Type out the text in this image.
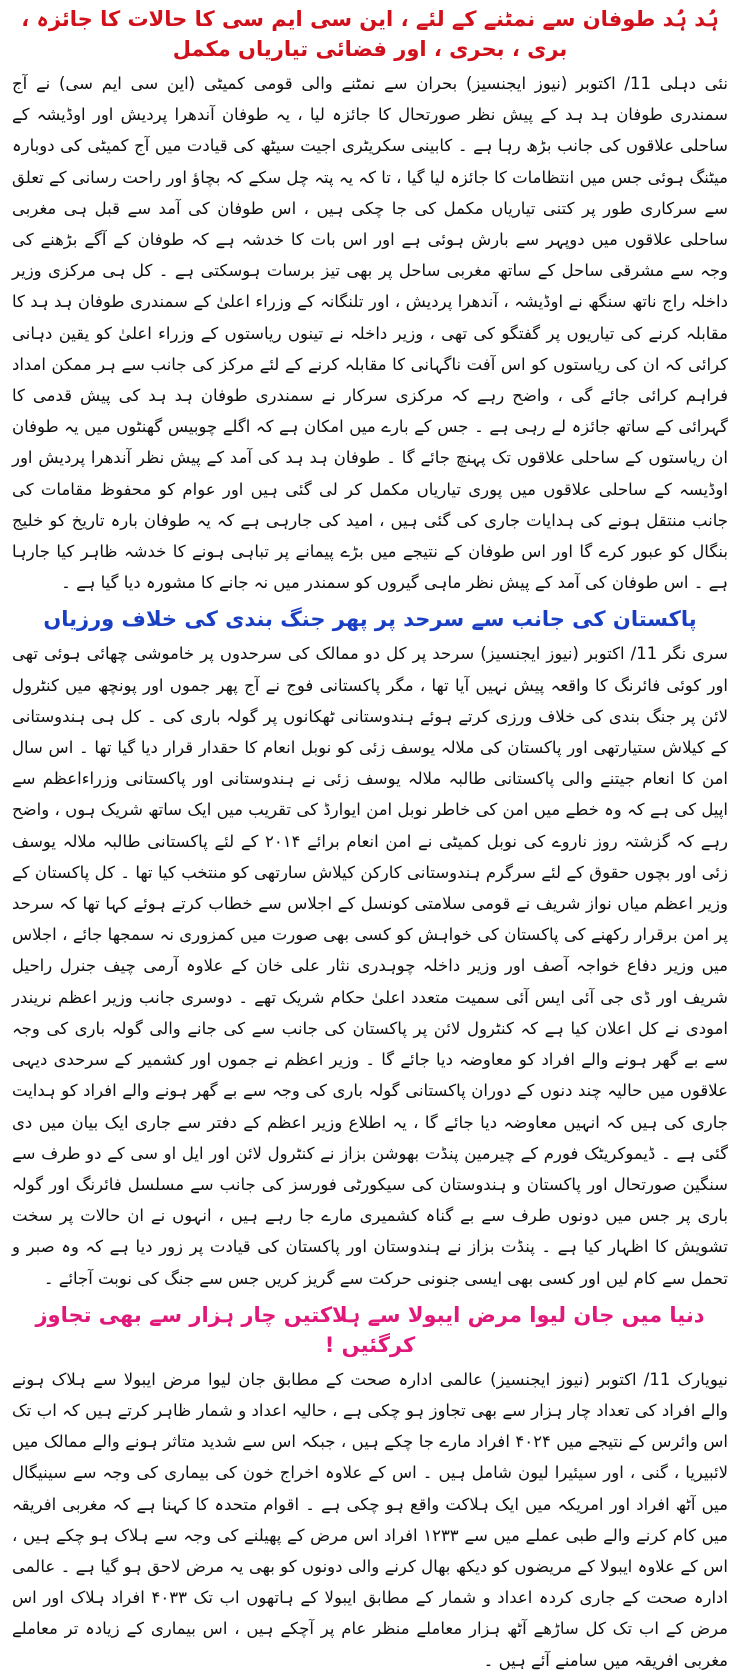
ہُد ہُد طوفان سے نمٹنے کے لئے ، این سی ایم سی کا حالات کا جائزہ ، بری ، بحری ، اور فضائی تیاریاں مکمل

نئی دہلی 11/ اکتوبر (نیوز ایجنسیز) بحران سے نمٹنے والی قومی کمیٹی (این سی ایم سی) نے آج سمندری طوفان ہد ہد کے پیش نظر صورتحال کا جائزہ لیا ، یہ طوفان آندھرا پردیش اور اوڈیشہ کے ساحلی علاقوں کی جانب بڑھ رہا ہے ۔ کابینی سکریٹری اجیت سیٹھ کی قیادت میں آج کمیٹی کی دوبارہ میٹنگ ہوئی جس میں انتظامات کا جائزہ لیا گیا ، تا کہ یہ پتہ چل سکے کہ بچاؤ اور راحت رسانی کے تعلق سے سرکاری طور پر کتنی تیاریاں مکمل کی جا چکی ہیں ، اس طوفان کی آمد سے قبل ہی مغربی ساحلی علاقوں میں دوپہر سے بارش ہوئی ہے اور اس بات کا خدشہ ہے کہ طوفان کے آگے بڑھنے کی وجہ سے مشرقی ساحل کے ساتھ مغربی ساحل پر بھی تیز برسات ہوسکتی ہے ۔ کل ہی مرکزی وزیر داخلہ راج ناتھ سنگھ نے اوڈیشہ ، آندھرا پردیش ، اور تلنگانہ کے وزراء اعلیٰ کے سمندری طوفان ہد ہد کا مقابلہ کرنے کی تیاریوں پر گفتگو کی تھی ، وزیر داخلہ نے تینوں ریاستوں کے وزراء اعلیٰ کو یقین دہانی کرائی کہ ان کی ریاستوں کو اس آفت ناگہانی کا مقابلہ کرنے کے لئے مرکز کی جانب سے ہر ممکن امداد فراہم کرائی جائے گی ، واضح رہے کہ مرکزی سرکار نے سمندری طوفان ہد ہد کی پیش قدمی کا گہرائی کے ساتھ جائزہ لے رہی ہے ۔ جس کے بارے میں امکان ہے کہ اگلے چوبیس گھنٹوں میں یہ طوفان ان ریاستوں کے ساحلی علاقوں تک پہنچ جائے گا ۔ طوفان ہد ہد کی آمد کے پیش نظر آندھرا پردیش اور اوڈیسہ کے ساحلی علاقوں میں پوری تیاریاں مکمل کر لی گئی ہیں اور عوام کو محفوظ مقامات کی جانب منتقل ہونے کی ہدایات جاری کی گئی ہیں ، امید کی جارہی ہے کہ یہ طوفان بارہ تاریخ کو خلیج بنگال کو عبور کرے گا اور اس طوفان کے نتیجے میں بڑے پیمانے پر تباہی ہونے کا خدشہ ظاہر کیا جارہا ہے ۔ اس طوفان کی آمد کے پیش نظر ماہی گیروں کو سمندر میں نہ جانے کا مشورہ دیا گیا ہے ۔

پاکستان کی جانب سے سرحد پر پھر جنگ بندی کی خلاف ورزیاں

سری نگر 11/ اکتوبر (نیوز ایجنسیز) سرحد پر کل دو ممالک کی سرحدوں پر خاموشی چھائی ہوئی تھی اور کوئی فائرنگ کا واقعہ پیش نہیں آیا تھا ، مگر پاکستانی فوج نے آج پھر جموں اور پونچھ میں کنٹرول لائن پر جنگ بندی کی خلاف ورزی کرتے ہوئے ہندوستانی ٹھکانوں پر گولہ باری کی ۔ کل ہی ہندوستانی کے کیلاش ستیارتھی اور پاکستان کی ملالہ یوسف زئی کو نوبل انعام کا حقدار قرار دیا گیا تھا ۔ اس سال امن کا انعام جیتنے والی پاکستانی طالبہ ملالہ یوسف زئی نے ہندوستانی اور پاکستانی وزراءاعظم سے اپیل کی ہے کہ وہ خطے میں امن کی خاطر نوبل امن ایوارڈ کی تقریب میں ایک ساتھ شریک ہوں ، واضح رہے کہ گزشتہ روز ناروے کی نوبل کمیٹی نے امن انعام برائے ۲۰۱۴ کے لئے پاکستانی طالبہ ملالہ یوسف زئی اور بچوں حقوق کے لئے سرگرم ہندوستانی کارکن کیلاش سارتھی کو منتخب کیا تھا ۔ کل پاکستان کے وزیر اعظم میاں نواز شریف نے قومی سلامتی کونسل کے اجلاس سے خطاب کرتے ہوئے کہا تھا کہ سرحد پر امن برقرار رکھنے کی پاکستان کی خواہش کو کسی بھی صورت میں کمزوری نہ سمجھا جائے ، اجلاس میں وزیر دفاع خواجہ آصف اور وزیر داخلہ چوہدری نثار علی خان کے علاوہ آرمی چیف جنرل راحیل شریف اور ڈی جی آئی ایس آئی سمیت متعدد اعلیٰ حکام شریک تھے ۔ دوسری جانب وزیر اعظم نریندر امودی نے کل اعلان کیا ہے کہ کنٹرول لائن پر پاکستان کی جانب سے کی جانے والی گولہ باری کی وجہ سے بے گھر ہونے والے افراد کو معاوضہ دیا جائے گا ۔ وزیر اعظم نے جموں اور کشمیر کے سرحدی دیہی علاقوں میں حالیہ چند دنوں کے دوران پاکستانی گولہ باری کی وجہ سے بے گھر ہونے والے افراد کو ہدایت جاری کی ہیں کہ انہیں معاوضہ دیا جائے گا ، یہ اطلاع وزیر اعظم کے دفتر سے جاری ایک بیان میں دی گئی ہے ۔ ڈیموکریٹک فورم کے چیرمین پنڈت بھوشن بزاز نے کنٹرول لائن اور ایل او سی کے دو طرف سے سنگین صورتحال اور پاکستان و ہندوستان کی سیکورٹی فورسز کی جانب سے مسلسل فائرنگ اور گولہ باری پر جس میں دونوں طرف سے بے گناہ کشمیری مارے جا رہے ہیں ، انہوں نے ان حالات پر سخت تشویش کا اظہار کیا ہے ۔ پنڈت بزاز نے ہندوستان اور پاکستان کی قیادت پر زور دیا ہے کہ وہ صبر و تحمل سے کام لیں اور کسی بھی ایسی جنونی حرکت سے گریز کریں جس سے جنگ کی نوبت آجائے ۔

دنیا میں جان لیوا مرض ایبولا سے ہلاکتیں چار ہزار سے بھی تجاوز کرگئیں !

نیویارک 11/ اکتوبر (نیوز ایجنسیز) عالمی ادارہ صحت کے مطابق جان لیوا مرض ایبولا سے ہلاک ہونے والے افراد کی تعداد چار ہزار سے بھی تجاوز ہو چکی ہے ، حالیہ اعداد و شمار ظاہر کرتے ہیں کہ اب تک اس وائرس کے نتیجے میں ۴۰۲۴ افراد مارے جا چکے ہیں ، جبکہ اس سے شدید متاثر ہونے والے ممالک میں لائبیریا ، گنی ، اور سیئیرا لیون شامل ہیں ۔ اس کے علاوہ اخراج خون کی بیماری کی وجہ سے سینیگال میں آٹھ افراد اور امریکہ میں ایک ہلاکت واقع ہو چکی ہے ۔ اقوام متحدہ کا کہنا ہے کہ مغربی افریقہ میں کام کرنے والے طبی عملے میں سے ۱۲۳۳ افراد اس مرض کے پھیلنے کی وجہ سے ہلاک ہو چکے ہیں ، اس کے علاوہ ایبولا کے مریضوں کو دیکھ بھال کرنے والی دونوں کو بھی یہ مرض لاحق ہو گیا ہے ۔ عالمی ادارہ صحت کے جاری کردہ اعداد و شمار کے مطابق ایبولا کے ہاتھوں اب تک ۴۰۳۳ افراد ہلاک اور اس مرض کے اب تک کل ساڑھے آٹھ ہزار معاملے منظر عام پر آچکے ہیں ، اس بیماری کے زیادہ تر معاملے مغربی افریقہ میں سامنے آئے ہیں ۔
